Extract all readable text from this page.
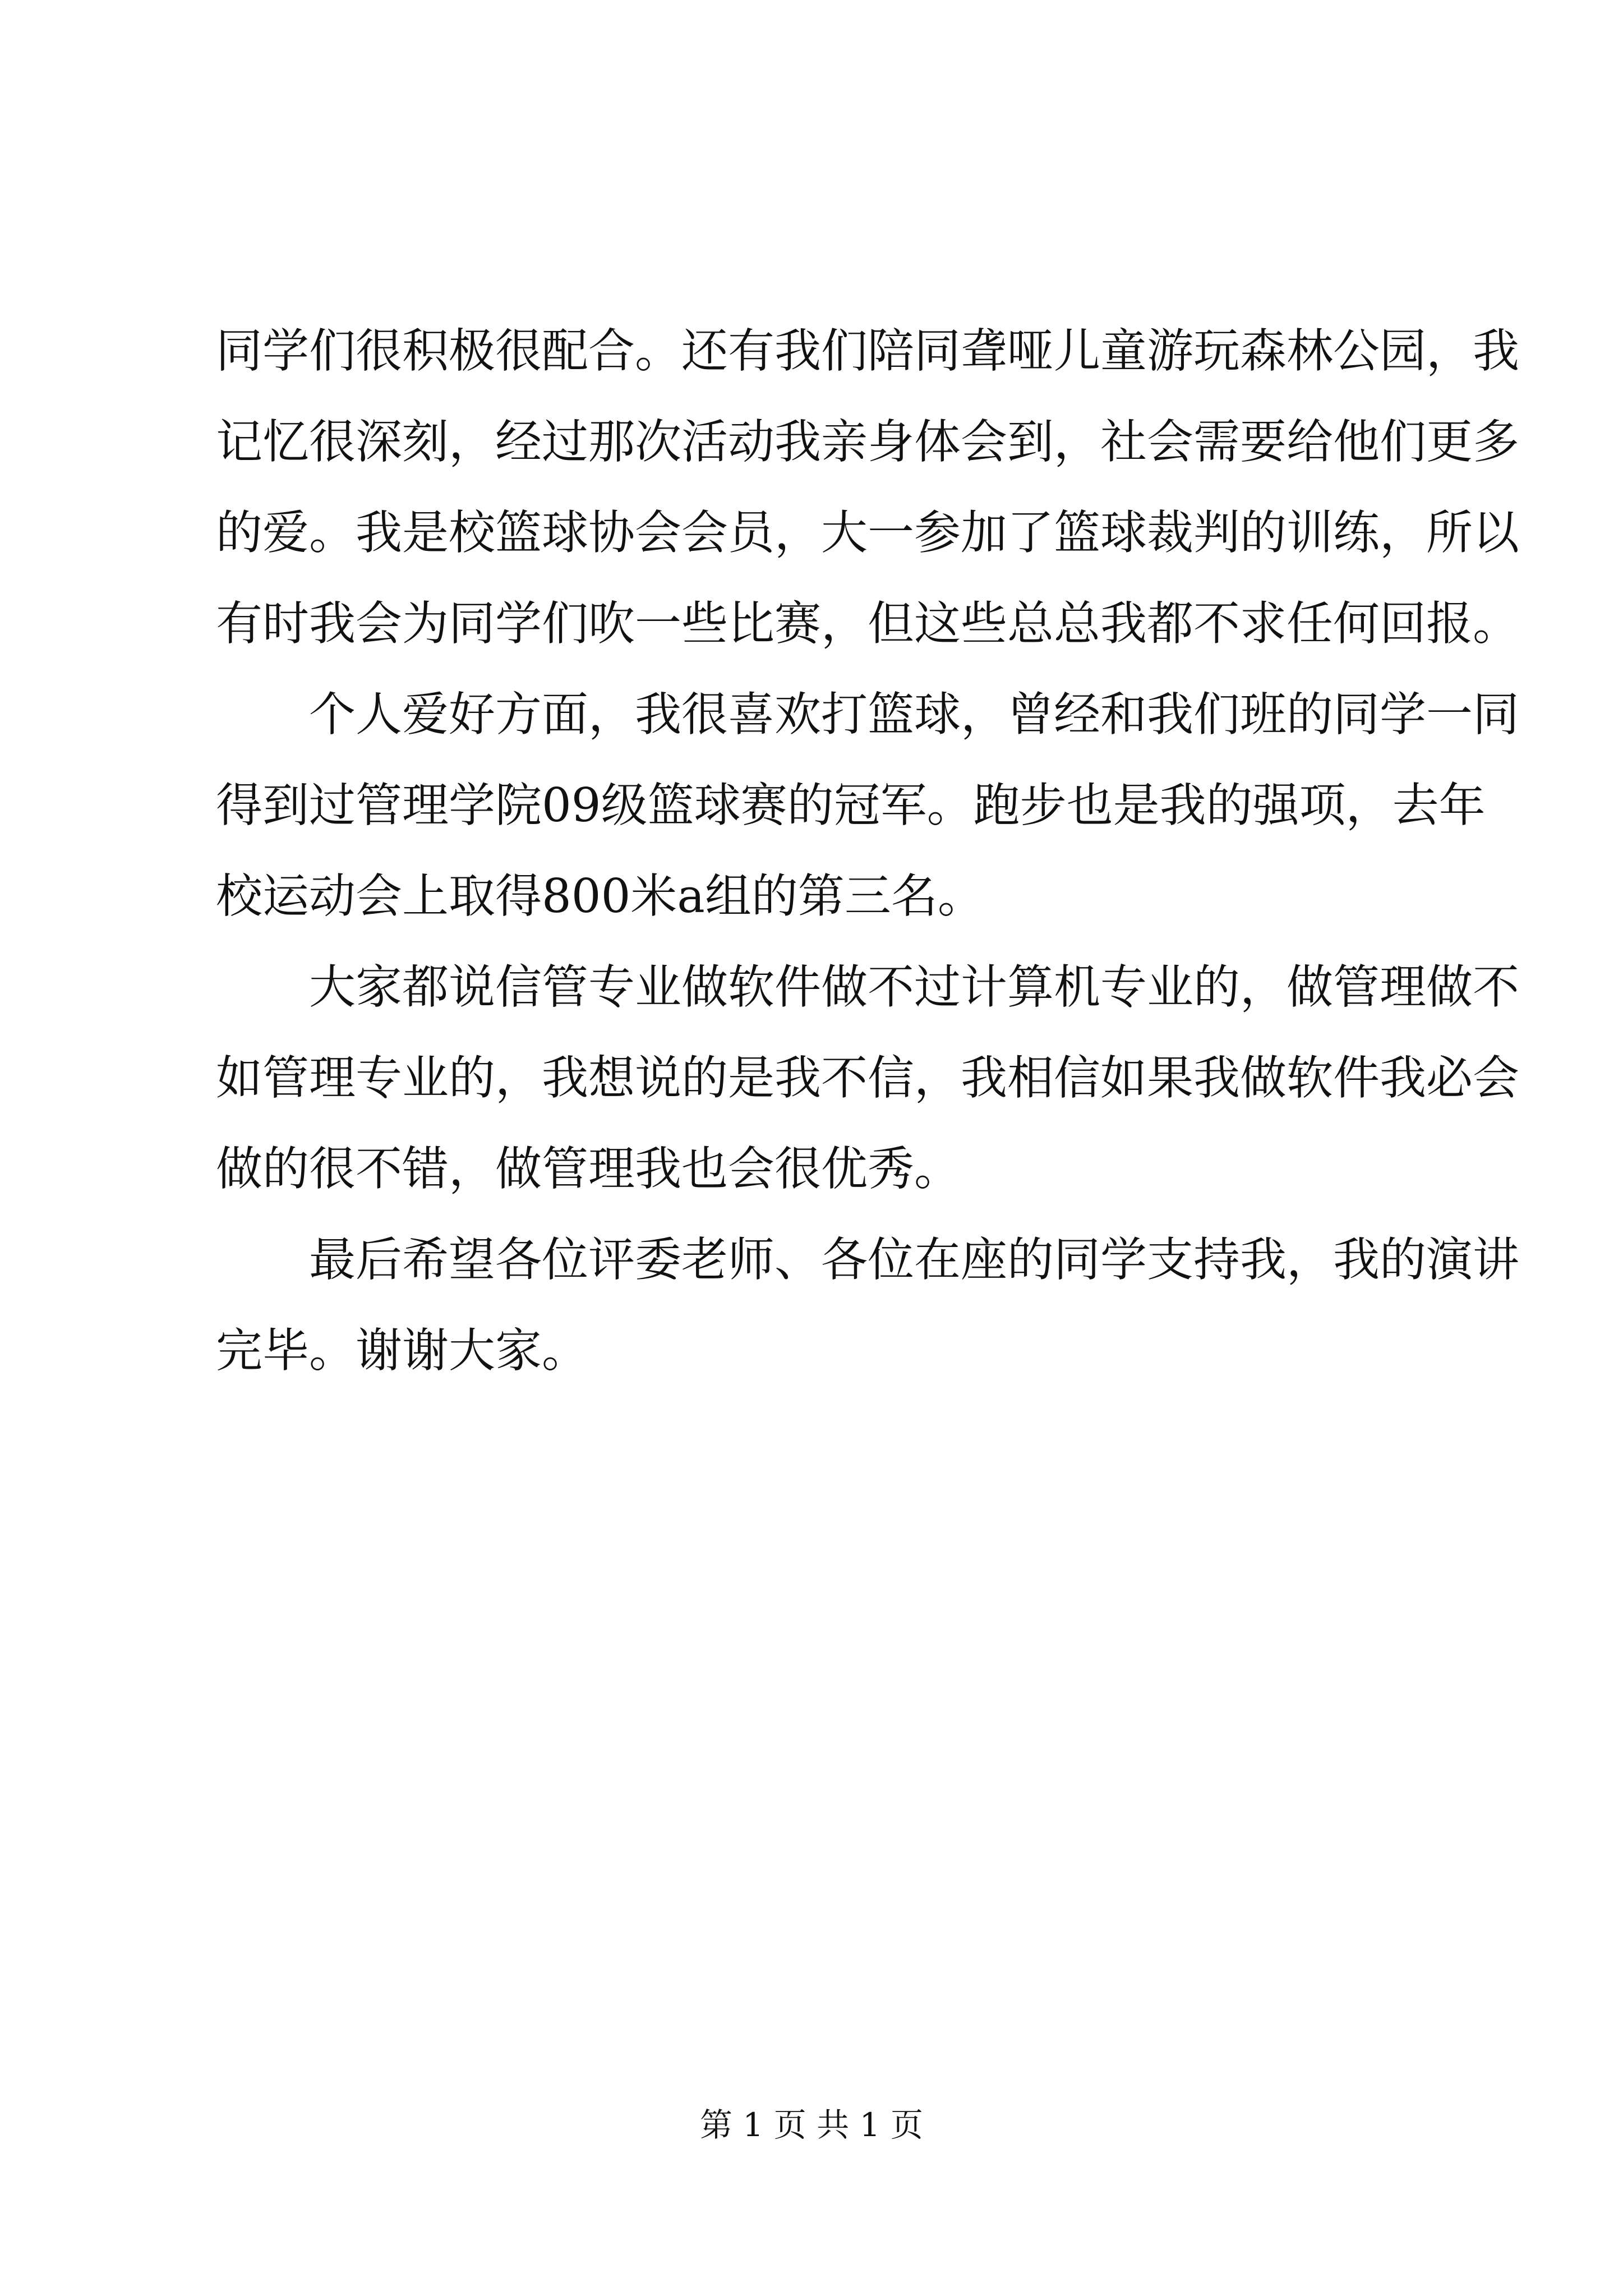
同学们很积极很配合。还有我们陪同聋哑儿童游玩森林公园，我
记忆很深刻，经过那次活动我亲身体会到，社会需要给他们更多
的爱。我是校篮球协会会员，大一参加了篮球裁判的训练，所以
有时我会为同学们吹一些比赛，但这些总总我都不求任何回报。
个人爱好方面，我很喜欢打篮球，曾经和我们班的同学一同
得到过管理学院09级篮球赛的冠军。跑步也是我的强项，去年
校运动会上取得800米a组的第三名。
大家都说信管专业做软件做不过计算机专业的，做管理做不
如管理专业的，我想说的是我不信，我相信如果我做软件我必会
做的很不错，做管理我也会很优秀。
最后希望各位评委老师、各位在座的同学支持我，我的演讲
完毕。谢谢大家。
第 1 页 共 1 页
